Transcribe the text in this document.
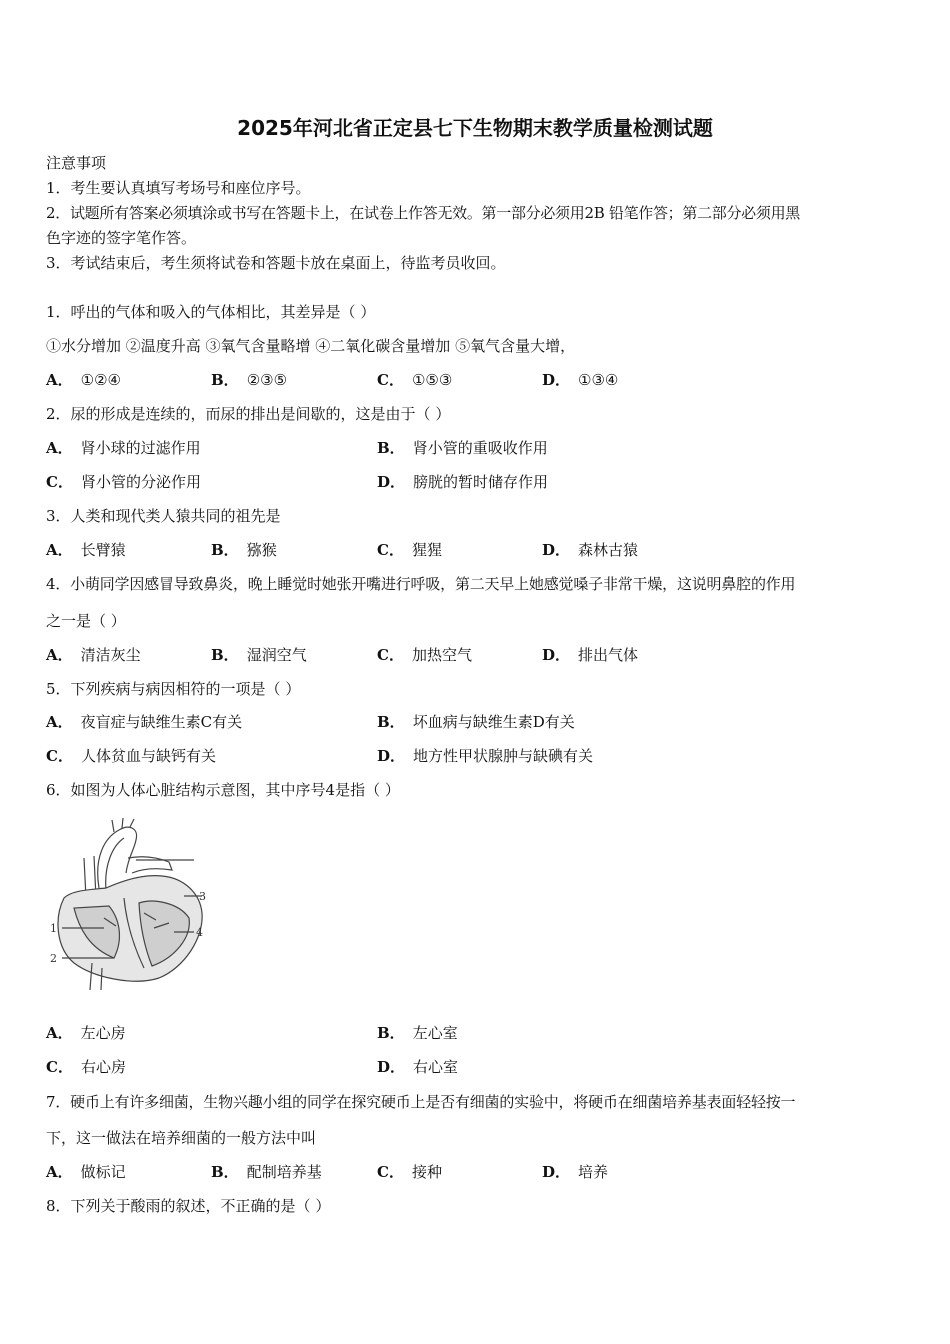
2025年河北省正定县七下生物期末教学质量检测试题
注意事项
1．考生要认真填写考场号和座位序号。
2．试题所有答案必须填涂或书写在答题卡上，在试卷上作答无效。第一部分必须用2B 铅笔作答；第二部分必须用黑
色字迹的签字笔作答。
3．考试结束后，考生须将试卷和答题卡放在桌面上，待监考员收回。
1．呼出的气体和吸入的气体相比，其差异是（ ）
①水分增加 ②温度升高 ③氧气含量略增 ④二氧化碳含量增加 ⑤氧气含量大增，
A． ①②④	B． ②③⑤	C． ①⑤③	D． ①③④
2．尿的形成是连续的，而尿的排出是间歇的，这是由于（ ）
A． 肾小球的过滤作用	B． 肾小管的重吸收作用
C． 肾小管的分泌作用	D． 膀胱的暂时储存作用
3．人类和现代类人猿共同的祖先是
A． 长臂猿	B． 猕猴	C． 猩猩	D． 森林古猿
4．小萌同学因感冒导致鼻炎，晚上睡觉时她张开嘴进行呼吸，第二天早上她感觉嗓子非常干燥，这说明鼻腔的作用
之一是（ ）
A． 清洁灰尘	B． 湿润空气	C． 加热空气	D． 排出气体
5．下列疾病与病因相符的一项是（ ）
A． 夜盲症与缺维生素C有关	B． 坏血病与缺维生素D有关
C． 人体贫血与缺钙有关	D． 地方性甲状腺肿与缺碘有关
6．如图为人体心脏结构示意图，其中序号4是指（ ）
3
4
1
2
A． 左心房	B． 左心室
C． 右心房	D． 右心室
7．硬币上有许多细菌，生物兴趣小组的同学在探究硬币上是否有细菌的实验中，将硬币在细菌培养基表面轻轻按一
下，这一做法在培养细菌的一般方法中叫
A． 做标记	B． 配制培养基	C． 接种	D． 培养
8．下列关于酸雨的叙述，不正确的是（ ）
